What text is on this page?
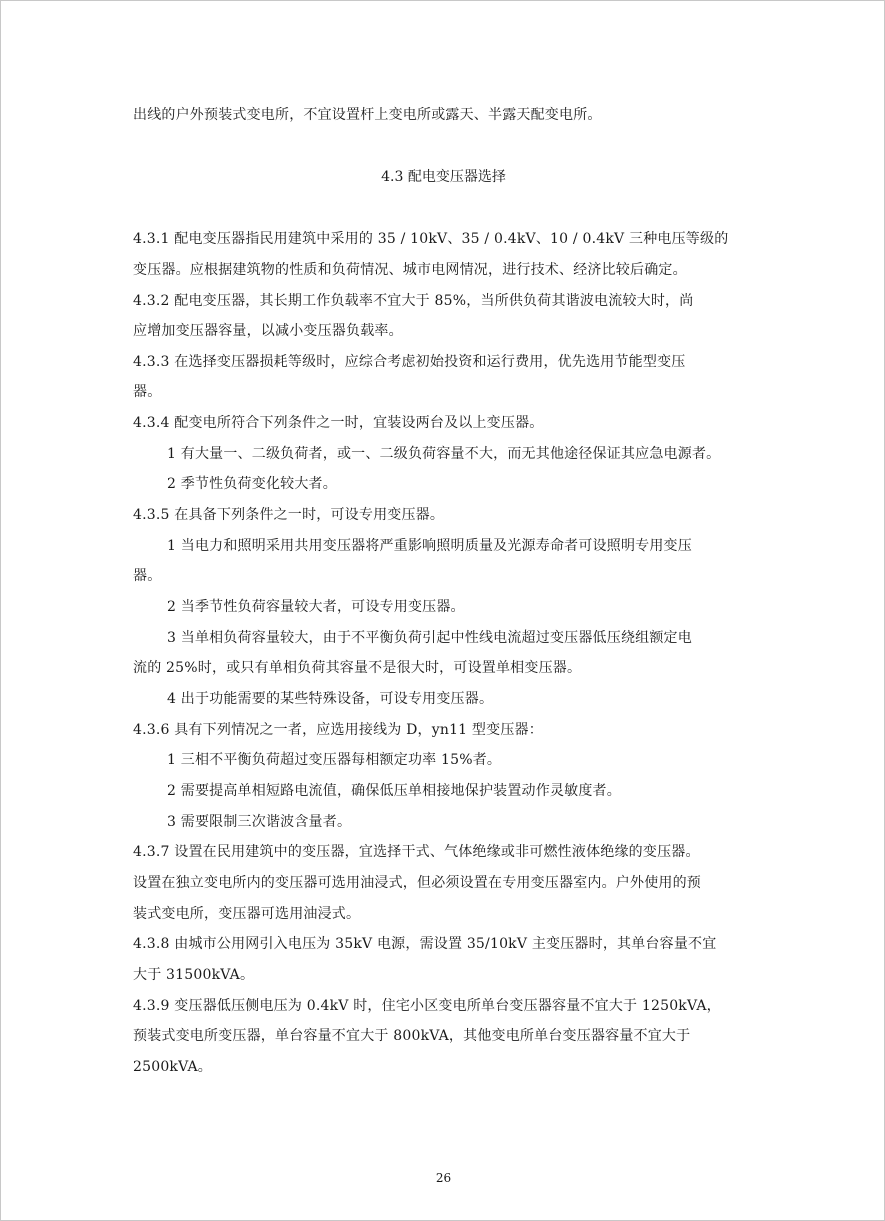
出线的户外预装式变电所，不宜设置杆上变电所或露天、半露天配变电所。
4.3 配电变压器选择
4.3.1 配电变压器指民用建筑中采用的 35 / 10kV、35 / 0.4kV、10 / 0.4kV 三种电压等级的
变压器。应根据建筑物的性质和负荷情况、城市电网情况，进行技术、经济比较后确定。
4.3.2 配电变压器，其长期工作负载率不宜大于 85%，当所供负荷其谐波电流较大时，尚
应增加变压器容量，以减小变压器负载率。
4.3.3 在选择变压器损耗等级时，应综合考虑初始投资和运行费用，优先选用节能型变压
器。
4.3.4 配变电所符合下列条件之一时，宜装设两台及以上变压器。
1 有大量一、二级负荷者，或一、二级负荷容量不大，而无其他途径保证其应急电源者。
2 季节性负荷变化较大者。
4.3.5 在具备下列条件之一时，可设专用变压器。
1 当电力和照明采用共用变压器将严重影响照明质量及光源寿命者可设照明专用变压
器。
2 当季节性负荷容量较大者，可设专用变压器。
3 当单相负荷容量较大，由于不平衡负荷引起中性线电流超过变压器低压绕组额定电
流的 25%时，或只有单相负荷其容量不是很大时，可设置单相变压器。
4 出于功能需要的某些特殊设备，可设专用变压器。
4.3.6 具有下列情况之一者，应选用接线为 D，yn11 型变压器：
1 三相不平衡负荷超过变压器每相额定功率 15%者。
2 需要提高单相短路电流值，确保低压单相接地保护装置动作灵敏度者。
3 需要限制三次谐波含量者。
4.3.7 设置在民用建筑中的变压器，宜选择干式、气体绝缘或非可燃性液体绝缘的变压器。
设置在独立变电所内的变压器可选用油浸式，但必须设置在专用变压器室内。户外使用的预
装式变电所，变压器可选用油浸式。
4.3.8 由城市公用网引入电压为 35kV 电源，需设置 35/10kV 主变压器时，其单台容量不宜
大于 31500kVA。
4.3.9 变压器低压侧电压为 0.4kV 时，住宅小区变电所单台变压器容量不宜大于 1250kVA，
预装式变电所变压器，单台容量不宜大于 800kVA，其他变电所单台变压器容量不宜大于
2500kVA。
26
